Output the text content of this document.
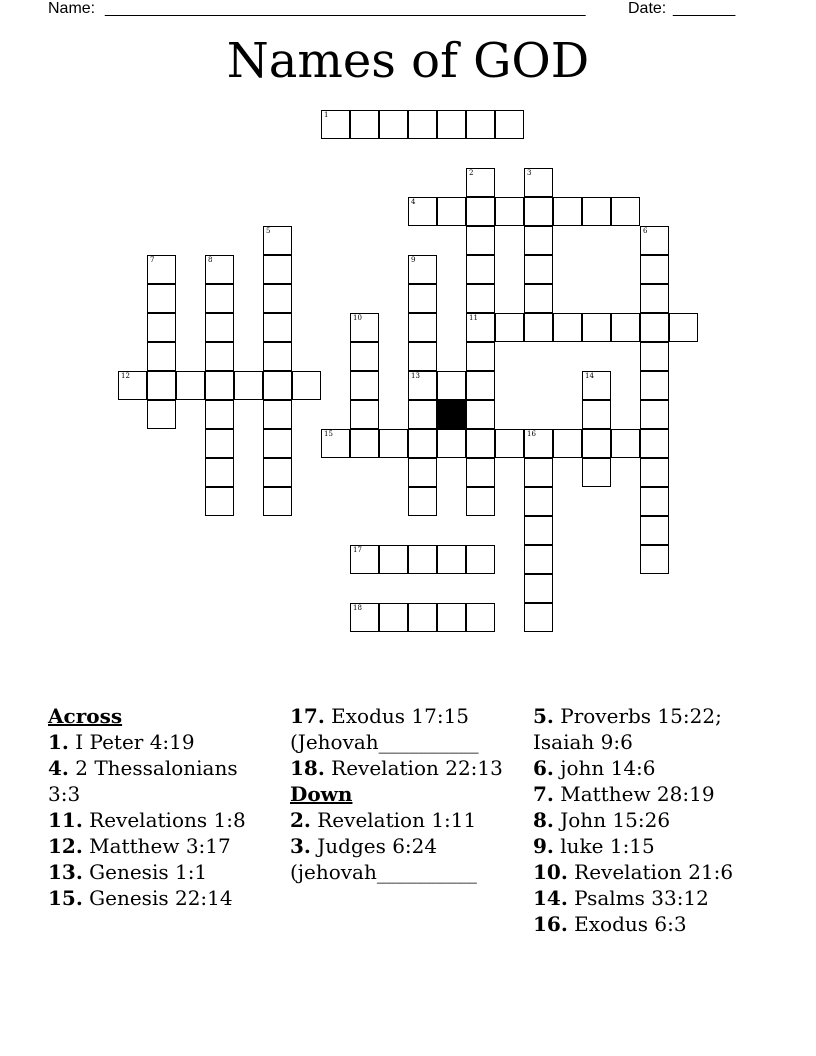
Name: ______________________________________________________	Date: _______
Names of GOD
1
4
11
12	13
15	16
17
18
2	3
5	6
7	8	9
10
14
Across
1. I Peter 4:19
4. 2 Thessalonians 3:3
11. Revelations 1:8
12. Matthew 3:17
13. Genesis 1:1
15. Genesis 22:14
17. Exodus 17:15 (Jehovah__________
18. Revelation 22:13
Down
2. Revelation 1:11
3. Judges 6:24 (jehovah__________
5. Proverbs 15:22; Isaiah 9:6
6. john 14:6
7. Matthew 28:19
8. John 15:26
9. luke 1:15
10. Revelation 21:6
14. Psalms 33:12
16. Exodus 6:3
